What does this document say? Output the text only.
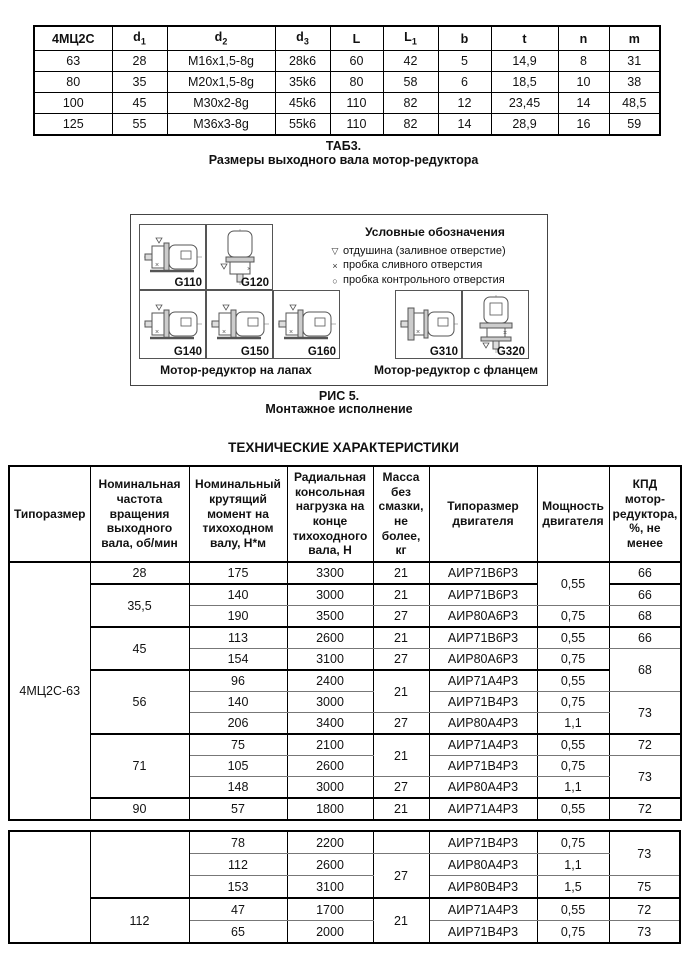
4МЦ2С	$d_1$	$d_2$	$d_3$	L	$L_1$	b	t	n	m
63	28	М16х1,5-8g	28k6	60	42	5	14,9	8	31
80	35	М20х1,5-8g	35k6	80	58	6	18,5	10	38
100	45	М30х2-8g	45k6	110	82	12	23,45	14	48,5
125	55	М36х3-8g	55k6	110	82	14	28,9	16	59
ТАБ3.
Размеры выходного вала мотор-редуктора
×
G110
×
G120
×
G140
×
G150
×
G160
×
G310
×
G320
Условные обозначения
▽ отдушина (заливное отверстие)
× пробка сливного отверстия
○ пробка контрольного отверстия
Мотор-редуктор на лапах	Мотор-редуктор с фланцем
РИС 5.
Монтажное исполнение
ТЕХНИЧЕСКИЕ ХАРАКТЕРИСТИКИ
Типоразмер	Номинальная частота вращения выходного вала, об/мин	Номинальный крутящий момент на тихоходном валу, Н*м	Радиальная консольная нагрузка на конце тихоходного вала, Н	Масса без смазки, не более, кг	Типоразмер двигателя	Мощность двигателя	КПД мотор-редуктора, %, не менее
4МЦ2С-63	28	175	3300	21	АИР71В6Р3	0,55	66
	35,5	140	3000	21	АИР71В6Р3		66
		190	3500	27	АИР80А6Р3	0,75	68
	45	113	2600	21	АИР71В6Р3	0,55	66
		154	3100	27	АИР80А6Р3	0,75	68
	56	96	2400	21	АИР71А4Р3	0,55	
		140	3000		АИР71В4Р3	0,75	73
		206	3400	27	АИР80А4Р3	1,1	
	71	75	2100	21	АИР71А4Р3	0,55	72
		105	2600		АИР71В4Р3	0,75	73
		148	3000	27	АИР80А4Р3	1,1	
	90	57	1800	21	АИР71А4Р3	0,55	72
		78	2200		АИР71В4Р3	0,75	73
		112	2600	27	АИР80А4Р3	1,1	
		153	3100		АИР80В4Р3	1,5	75
	112	47	1700	21	АИР71А4Р3	0,55	72
		65	2000		АИР71В4Р3	0,75	73
